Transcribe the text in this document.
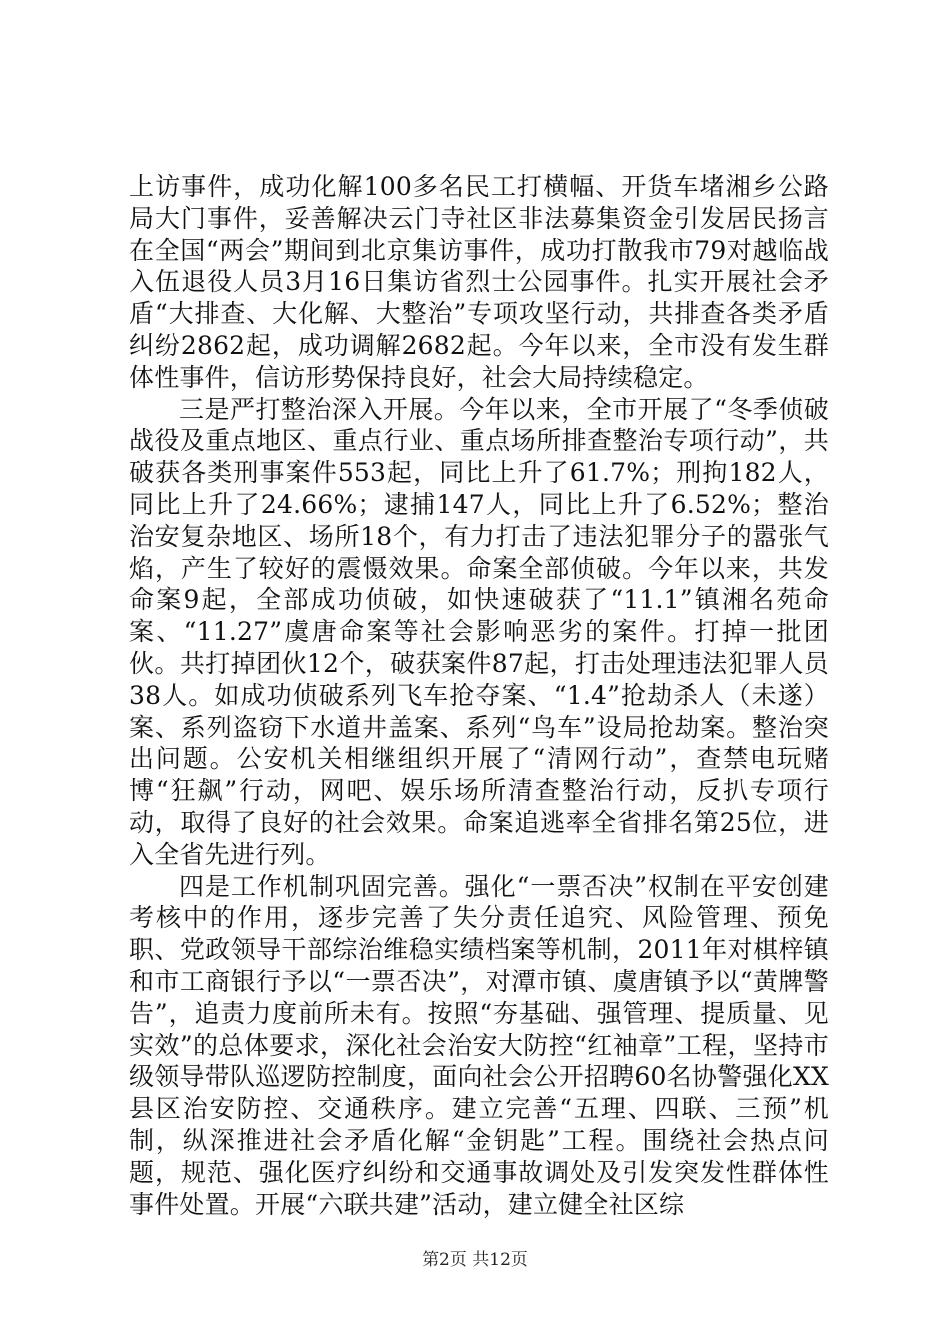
上访事件，成功化解100多名民工打横幅、开货车堵湘乡公路局大门事件，妥善解决云门寺社区非法募集资金引发居民扬言在全国“两会”期间到北京集访事件，成功打散我市79对越临战入伍退役人员3月16日集访省烈士公园事件。扎实开展社会矛盾“大排查、大化解、大整治”专项攻坚行动，共排查各类矛盾纠纷2862起，成功调解2682起。今年以来，全市没有发生群体性事件，信访形势保持良好，社会大局持续稳定。

三是严打整治深入开展。今年以来，全市开展了“冬季侦破战役及重点地区、重点行业、重点场所排查整治专项行动”，共破获各类刑事案件553起，同比上升了61.7%；刑拘182人，同比上升了24.66%；逮捕147人，同比上升了6.52%；整治治安复杂地区、场所18个，有力打击了违法犯罪分子的嚣张气焰，产生了较好的震慑效果。命案全部侦破。今年以来，共发命案9起，全部成功侦破，如快速破获了“11.1”镇湘名苑命案、“11.27”虞唐命案等社会影响恶劣的案件。打掉一批团伙。共打掉团伙12个，破获案件87起，打击处理违法犯罪人员38人。如成功侦破系列飞车抢夺案、“1.4”抢劫杀人（未遂）案、系列盗窃下水道井盖案、系列“鸟车”设局抢劫案。整治突出问题。公安机关相继组织开展了“清网行动”，查禁电玩赌博“狂飙”行动，网吧、娱乐场所清查整治行动，反扒专项行动，取得了良好的社会效果。命案追逃率全省排名第25位，进入全省先进行列。

四是工作机制巩固完善。强化“一票否决”权制在平安创建考核中的作用，逐步完善了失分责任追究、风险管理、预免职、党政领导干部综治维稳实绩档案等机制，2011年对棋梓镇和市工商银行予以“一票否决”，对潭市镇、虞唐镇予以“黄牌警告”，追责力度前所未有。按照“夯基础、强管理、提质量、见实效”的总体要求，深化社会治安大防控“红袖章”工程，坚持市级领导带队巡逻防控制度，面向社会公开招聘60名协警强化XX县区治安防控、交通秩序。建立完善“五理、四联、三预”机制，纵深推进社会矛盾化解“金钥匙”工程。围绕社会热点问题，规范、强化医疗纠纷和交通事故调处及引发突发性群体性事件处置。开展“六联共建”活动，建立健全社区综

第2页 共12页
